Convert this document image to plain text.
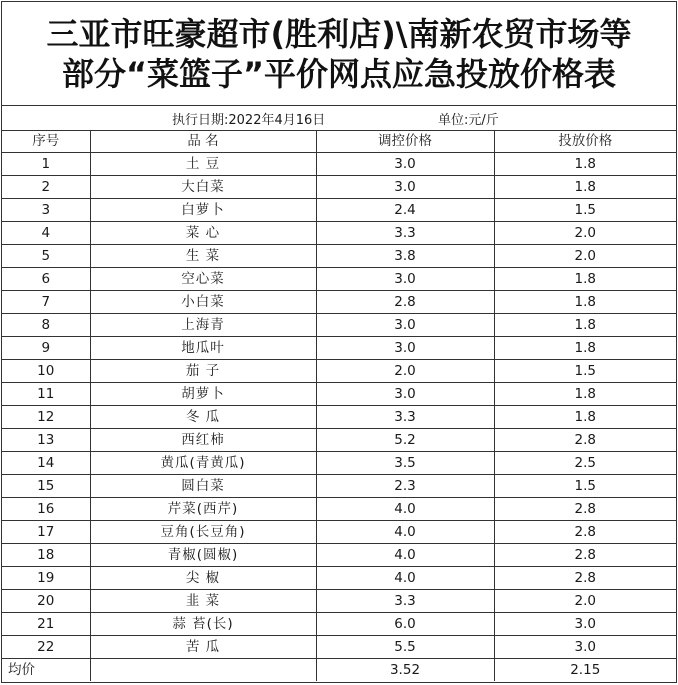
三亚市旺豪超市(胜利店)\南新农贸市场等
部分“菜篮子”平价网点应急投放价格表
执行日期:2022年4月16日	单位:元/斤
序号	品 名	调控价格	投放价格
1	土 豆	3.0	1.8
2	大白菜	3.0	1.8
3	白萝卜	2.4	1.5
4	菜 心	3.3	2.0
5	生 菜	3.8	2.0
6	空心菜	3.0	1.8
7	小白菜	2.8	1.8
8	上海青	3.0	1.8
9	地瓜叶	3.0	1.8
10	茄 子	2.0	1.5
11	胡萝卜	3.0	1.8
12	冬 瓜	3.3	1.8
13	西红柿	5.2	2.8
14	黄瓜(青黄瓜)	3.5	2.5
15	圆白菜	2.3	1.5
16	芹菜(西芹)	4.0	2.8
17	豆角(长豆角)	4.0	2.8
18	青椒(圆椒)	4.0	2.8
19	尖 椒	4.0	2.8
20	韭 菜	3.3	2.0
21	蒜 苔(长)	6.0	3.0
22	苦 瓜	5.5	3.0
均价		3.52	2.15
